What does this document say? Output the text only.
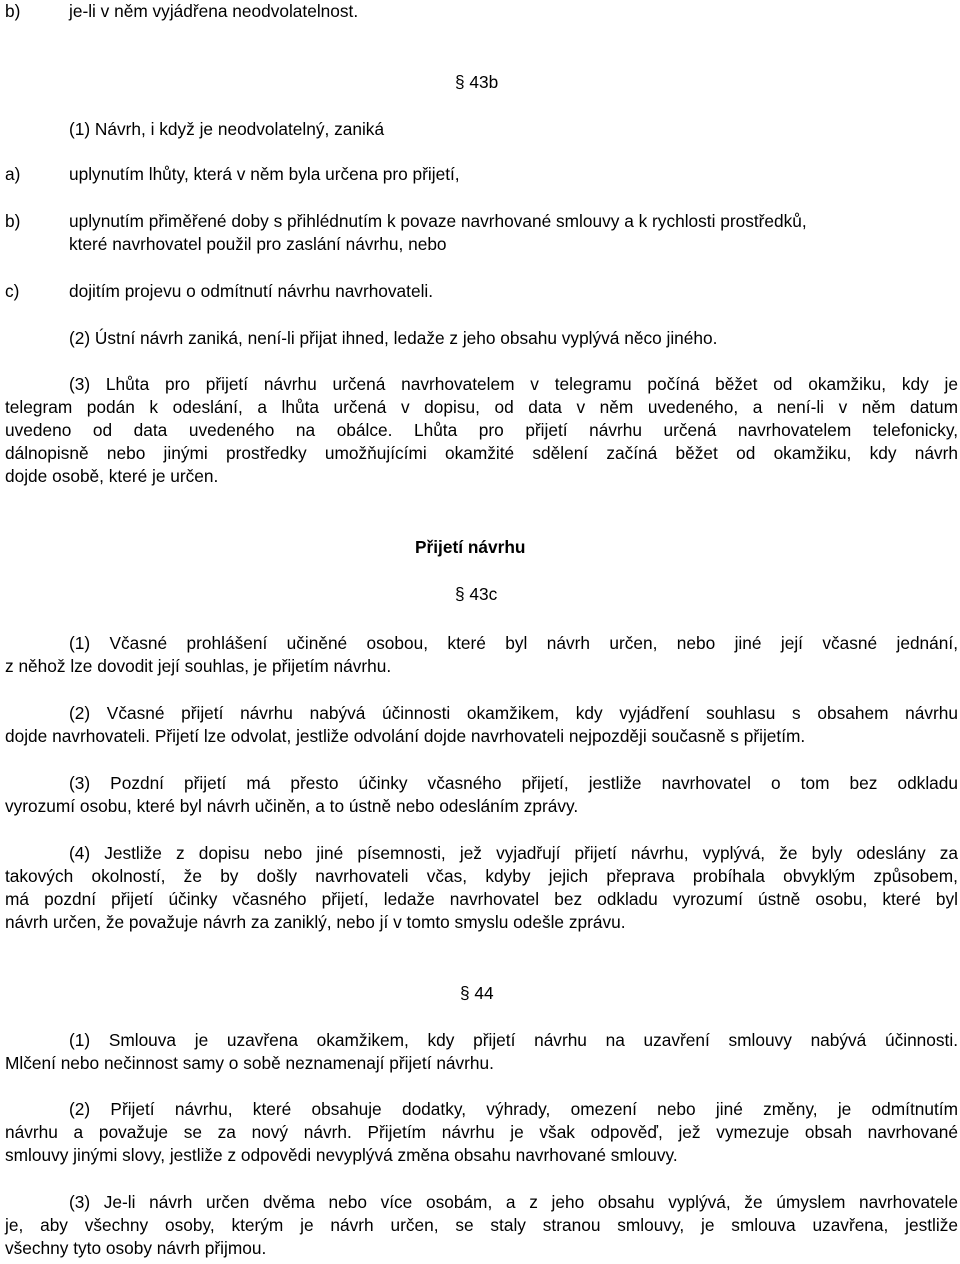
b)	je-li v něm vyjádřena neodvolatelnost.
§ 43b
(1) Návrh, i když je neodvolatelný, zaniká
a)	uplynutím lhůty, která v něm byla určena pro přijetí,
b)	uplynutím přiměřené doby s přihlédnutím k povaze navrhované smlouvy a k rychlosti prostředků,
které navrhovatel použil pro zaslání návrhu, nebo
c)	dojitím projevu o odmítnutí návrhu navrhovateli.
(2) Ústní návrh zaniká, není-li přijat ihned, ledaže z jeho obsahu vyplývá něco jiného.
(3) Lhůta pro přijetí návrhu určená navrhovatelem v telegramu počíná běžet od okamžiku, kdy je
telegram podán k odeslání, a lhůta určená v dopisu, od data v něm uvedeného, a není-li v něm datum
uvedeno od data uvedeného na obálce. Lhůta pro přijetí návrhu určená navrhovatelem telefonicky,
dálnopisně nebo jinými prostředky umožňujícími okamžité sdělení začíná běžet od okamžiku, kdy návrh
dojde osobě, které je určen.
Přijetí návrhu
§ 43c
(1) Včasné prohlášení učiněné osobou, které byl návrh určen, nebo jiné její včasné jednání,
z něhož lze dovodit její souhlas, je přijetím návrhu.
(2) Včasné přijetí návrhu nabývá účinnosti okamžikem, kdy vyjádření souhlasu s obsahem návrhu
dojde navrhovateli. Přijetí lze odvolat, jestliže odvolání dojde navrhovateli nejpozději současně s přijetím.
(3) Pozdní přijetí má přesto účinky včasného přijetí, jestliže navrhovatel o tom bez odkladu
vyrozumí osobu, které byl návrh učiněn, a to ústně nebo odesláním zprávy.
(4) Jestliže z dopisu nebo jiné písemnosti, jež vyjadřují přijetí návrhu, vyplývá, že byly odeslány za
takových okolností, že by došly navrhovateli včas, kdyby jejich přeprava probíhala obvyklým způsobem,
má pozdní přijetí účinky včasného přijetí, ledaže navrhovatel bez odkladu vyrozumí ústně osobu, které byl
návrh určen, že považuje návrh za zaniklý, nebo jí v tomto smyslu odešle zprávu.
§ 44
(1) Smlouva je uzavřena okamžikem, kdy přijetí návrhu na uzavření smlouvy nabývá účinnosti.
Mlčení nebo nečinnost samy o sobě neznamenají přijetí návrhu.
(2) Přijetí návrhu, které obsahuje dodatky, výhrady, omezení nebo jiné změny, je odmítnutím
návrhu a považuje se za nový návrh. Přijetím návrhu je však odpověď, jež vymezuje obsah navrhované
smlouvy jinými slovy, jestliže z odpovědi nevyplývá změna obsahu navrhované smlouvy.
(3) Je-li návrh určen dvěma nebo více osobám, a z jeho obsahu vyplývá, že úmyslem navrhovatele
je, aby všechny osoby, kterým je návrh určen, se staly stranou smlouvy, je smlouva uzavřena, jestliže
všechny tyto osoby návrh přijmou.
